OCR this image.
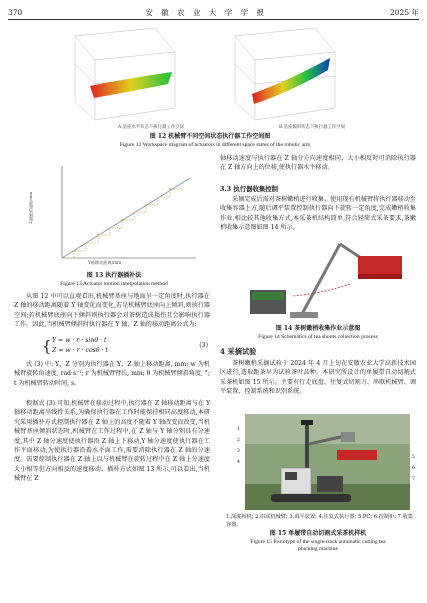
370	安 徽 农 业 大 学 学 报	2025 年
A.基座水平状态下执行器工作空间	B.基座倾斜状态下执行器工作空间
图 12 机械臂不同空间状态执行器工作空间图
Figure 12 Workspace diagram of actuators in different space states of the robotic arm
Z轴移动距离/mm
Y轴移动距离/mm
图 13 执行器插补法
Figure 13 Actuator motion interpolation method
从图 12 中可以直观看出,机械臂基座与地面呈一定角度时,执行器在 Z 轴的移动距离随着 Y 轴变化而变化,若是机械臂底座向上倾斜,则执行器空间;若机械臂底座向下倾斜则执行器会对茶树造成损伤且会影响执行器工作。因此,当机械臂倾斜时执行器在 Y 轴、Z 轴的移动距离公式为:
{ Y = w · r · sinθ · t
Z = w · r · cosθ · t
(3)
式 (3) 中: Y、Z 分别为执行器在 Y、Z 轴上移动距离, mm; w 为机械臂旋转角速度, rad·s⁻¹; r 为机械臂臂长, mm; θ 为机械臂倾斜角度, °; t 为机械臂转动时间, s。
根据式 (3) 可知,机械臂在移动过程中,执行器在 Z 轴移动距离与在 Y 轴移动距离呈线性关系,为确保执行器在工作时能保持相同高度移动,本研究采用插补方式控制执行器在 Z 轴上的高度不随着 Y 轴改变而改变,当机械臂基座倾斜状态时,机械臂在工作过程中,在 Z 轴与 Y 轴分别具有分速度,其中 Z 轴分速度使执行器沿 Z 轴上下移动,Y 轴分速度使执行器在工作平面移动,为使执行器沿着水平面工作,需要消除执行器在 Z 轴的分速度。需要控制执行器在 Z 轴上以与机械臂在旋转过程中在 Z 轴上分速度大小相等但方向相反的速度移动。插补方式如图 13 所示,可以看出,当机械臂在 Z
轴移动速度与执行器在 Z 轴分方向速度相同、大小相反时可消除执行器在 Z 轴方向上的位移,使执行器水平移动。
3.3 执行器收集控制
采摘完成后需对茶树嫩梢进行收集。使用现有机械臂将执行器移动至收集容器上方,随后调平装置控制执行器向下旋转一定角度,完成嫩梢收集作业,相比较其他收集方式,本采茶机结构简单,符合轻简式采茶要求,茶嫩梢收集示意图如图 14 所示。
图 14 茶树嫩梢收集作业示意图
Figure 14 Schematics of tea shoots collection process
4 采摘试验
茶树嫩梢采摘试验于 2024 年 4 月上旬在安徽农业大学高新技术园区进行,选取距茶早为试验茶叶品种。本研究所设计的单履带自动切割式采茶机如图 15 所示。主要有行走底盘、往复式切割刀、串联机械臂、调平装置、控制系统和识别系统。
1
2
3
4
5
6
7
1.深度相机; 2.串联机械臂; 3.调平装置; 4.往复式执行器; 5.PC; 6.控制柜; 7.收集容器。
图 15 单履带自动切割式采茶机样机
Figure 15 Prototype of the single-track automatic cutting tea
plucking machine
